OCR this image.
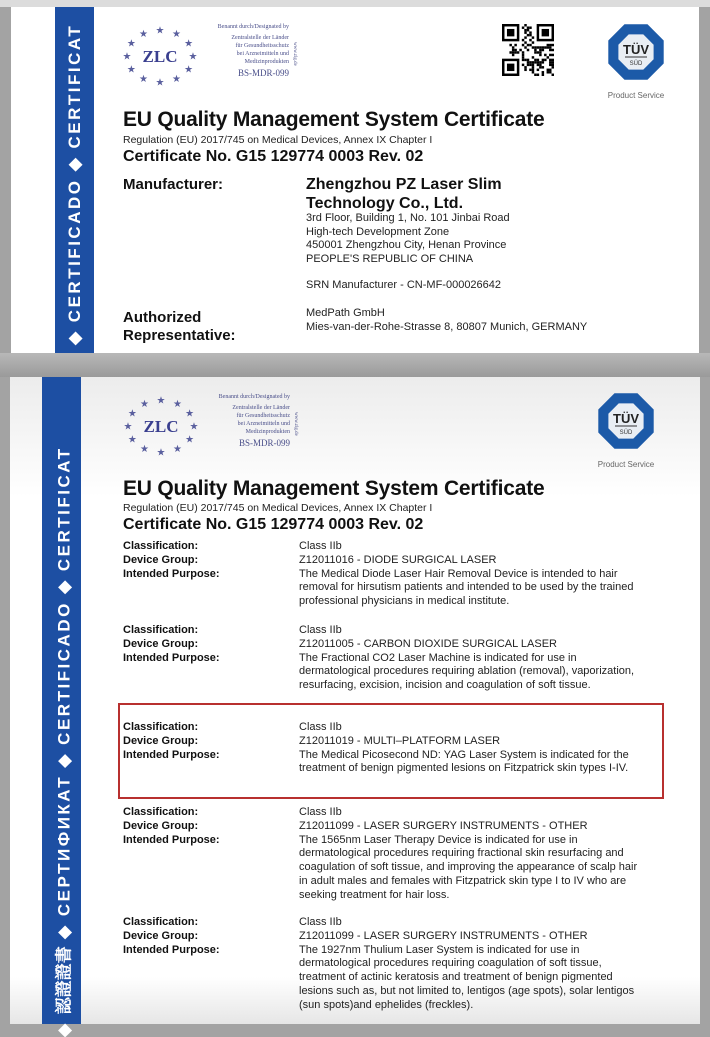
◆ CERTIFICADO ◆ CERTIFICAT	★
★
★
★
★
★
★
★
★ ★ ★
★
ZLC
Benannt durch/Designated by
Zentralstelle der Länder
für Gesundheitsschutz
bei Arzneimitteln und
Medizinprodukten
BS-MDR-099
www.zlg.de	TÜV
SÜD
Product Service
EU Quality Management System Certificate
Regulation (EU) 2017/745 on Medical Devices, Annex IX Chapter I
Certificate No. G15 129774 0003 Rev. 02
Manufacturer:	Zhengzhou PZ Laser Slim
Technology Co., Ltd.
3rd Floor, Building 1, No. 101 Jinbai Road
High-tech Development Zone
450001 Zhengzhou City, Henan Province
PEOPLE'S REPUBLIC OF CHINA
SRN Manufacturer - CN-MF-000026642
Authorized
Representative:
MedPath GmbH
Mies-van-der-Rohe-Strasse 8, 80807 Munich, GERMANY
◆ 認證證書 ◆ СЕРТИФИКАТ ◆ CERTIFICADO ◆ CERTIFICAT
★
★
★
★
★
★
★
★
★ ★ ★
★
ZLC
Benannt durch/Designated by
Zentralstelle der Länder
für Gesundheitsschutz
bei Arzneimitteln und
Medizinprodukten
BS-MDR-099
www.zlg.de	TÜV
SÜD
Product Service
EU Quality Management System Certificate
Regulation (EU) 2017/745 on Medical Devices, Annex IX Chapter I
Certificate No. G15 129774 0003 Rev. 02
Classification:	Class IIb
Device Group:	Z12011016 - DIODE SURGICAL LASER
Intended Purpose:	The Medical Diode Laser Hair Removal Device is intended to hair removal for hirsutism patients and intended to be used by the trained professional physicians in medical institute.
Classification:	Class IIb
Device Group:	Z12011005 - CARBON DIOXIDE SURGICAL LASER
Intended Purpose:	The Fractional CO2 Laser Machine is indicated for use in dermatological procedures requiring ablation (removal), vaporization, resurfacing, excision, incision and coagulation of soft tissue.
Classification:	Class IIb
Device Group:	Z12011019 - MULTI–PLATFORM LASER
Intended Purpose:	The Medical Picosecond ND: YAG Laser System is indicated for the treatment of benign pigmented lesions on Fitzpatrick skin types I-IV.
Classification:	Class IIb
Device Group:	Z12011099 - LASER SURGERY INSTRUMENTS - OTHER
Intended Purpose:	The 1565nm Laser Therapy Device is indicated for use in dermatological procedures requiring fractional skin resurfacing and coagulation of soft tissue, and improving the appearance of scalp hair in adult males and females with Fitzpatrick skin type I to IV who are seeking treatment for hair loss.
Classification:	Class IIb
Device Group:	Z12011099 - LASER SURGERY INSTRUMENTS - OTHER
Intended Purpose:	The 1927nm Thulium Laser System is indicated for use in dermatological procedures requiring coagulation of soft tissue, treatment of actinic keratosis and treatment of benign pigmented lesions such as, but not limited to, lentigos (age spots), solar lentigos (sun spots)and ephelides (freckles).
